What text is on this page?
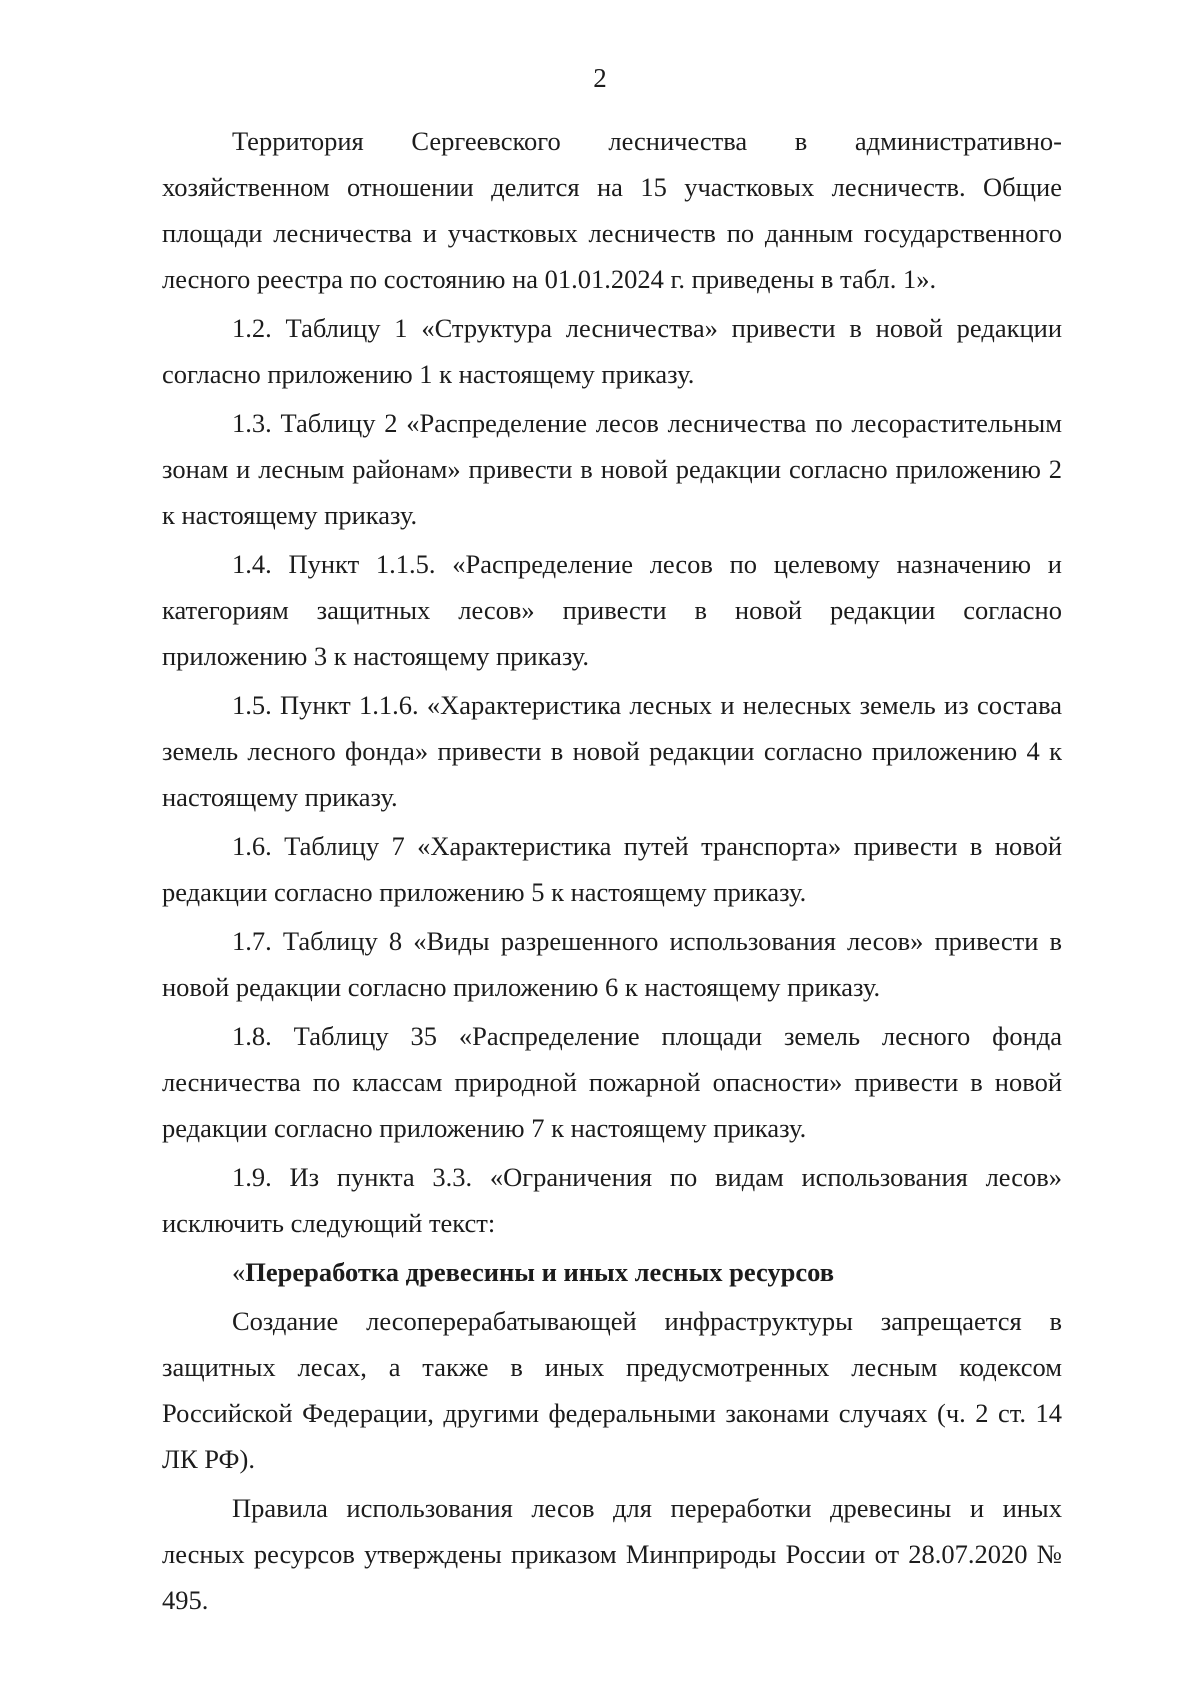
2

Территория Сергеевского лесничества в административно-хозяйственном отношении делится на 15 участковых лесничеств. Общие площади лесничества и участковых лесничеств по данным государственного лесного реестра по состоянию на 01.01.2024 г. приведены в табл. 1».

1.2. Таблицу 1 «Структура лесничества» привести в новой редакции согласно приложению 1 к настоящему приказу.

1.3. Таблицу 2 «Распределение лесов лесничества по лесорастительным зонам и лесным районам» привести в новой редакции согласно приложению 2 к настоящему приказу.

1.4. Пункт 1.1.5. «Распределение лесов по целевому назначению и категориям защитных лесов» привести в новой редакции согласно приложению 3 к настоящему приказу.

1.5. Пункт 1.1.6. «Характеристика лесных и нелесных земель из состава земель лесного фонда» привести в новой редакции согласно приложению 4 к настоящему приказу.

1.6. Таблицу 7 «Характеристика путей транспорта» привести в новой редакции согласно приложению 5 к настоящему приказу.

1.7. Таблицу 8 «Виды разрешенного использования лесов» привести в новой редакции согласно приложению 6 к настоящему приказу.

1.8. Таблицу 35 «Распределение площади земель лесного фонда лесничества по классам природной пожарной опасности» привести в новой редакции согласно приложению 7 к настоящему приказу.

1.9. Из пункта 3.3. «Ограничения по видам использования лесов» исключить следующий текст:

«Переработка древесины и иных лесных ресурсов

Создание лесоперерабатывающей инфраструктуры запрещается в защитных лесах, а также в иных предусмотренных лесным кодексом Российской Федерации, другими федеральными законами случаях (ч. 2 ст. 14 ЛК РФ).

Правила использования лесов для переработки древесины и иных лесных ресурсов утверждены приказом Минприроды России от 28.07.2020 № 495.
